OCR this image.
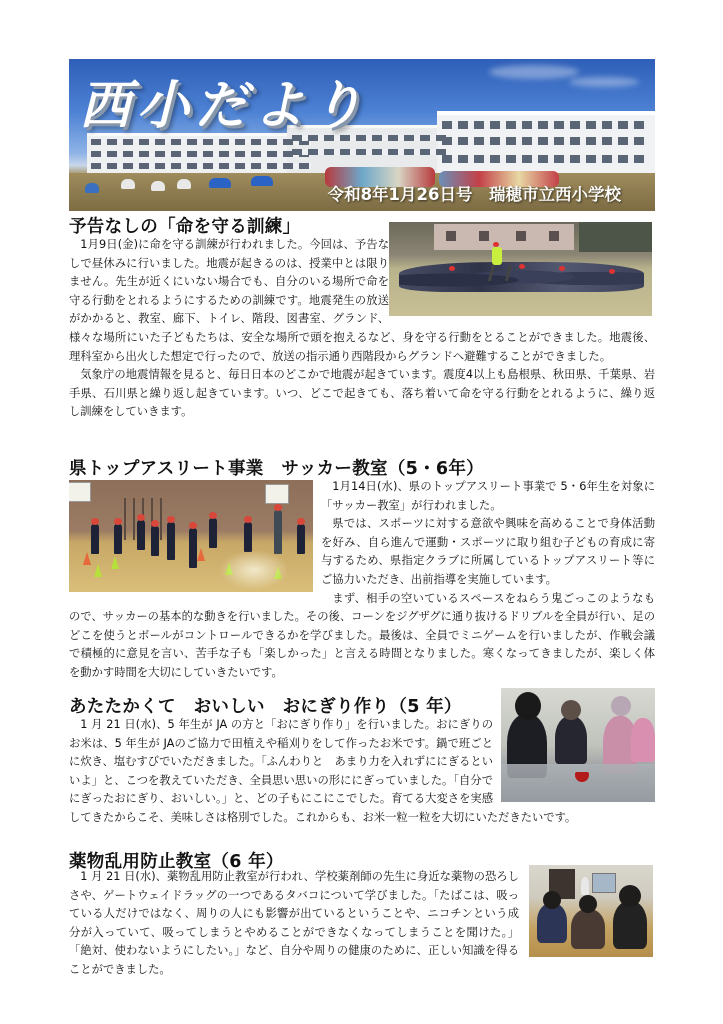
西小だより
令和8年1月26日号　瑞穂市立西小学校
予告なしの「命を守る訓練」
県トップアスリート事業　サッカー教室（5・6年）
あたたかくて　おいしい　おにぎり作り（5 年）
薬物乱用防止教室（6 年）

1月9日(金)に命を守る訓練が行われました。今回は、予告なしで昼休みに行いました。地震が起きるのは、授業中とは限りません。先生が近くにいない場合でも、自分のいる場所で命を守る行動をとれるようにするための訓練です。地震発生の放送がかかると、教室、廊下、トイレ、階段、図書室、グランド、様々な場所にいた子どもたちは、安全な場所で頭を抱えるなど、身を守る行動をとることができました。地震後、理科室から出火した想定で行ったので、放送の指示通り西階段からグランドへ避難することができました。

気象庁の地震情報を見ると、毎日日本のどこかで地震が起きています。震度4以上も島根県、秋田県、千葉県、岩手県、石川県と繰り返し起きています。いつ、どこで起きても、落ち着いて命を守る行動をとれるように、繰り返し訓練をしていきます。

1月14日(水)、県のトップアスリート事業で 5・6年生を対象に「サッカー教室」が行われました。

県では、スポーツに対する意欲や興味を高めることで身体活動を好み、自ら進んで運動・スポーツに取り組む子どもの育成に寄与するため、県指定クラブに所属しているトップアスリート等にご協力いただき、出前指導を実施しています。

まず、相手の空いているスペースをねらう鬼ごっこのようなもので、サッカーの基本的な動きを行いました。その後、コーンをジグザグに通り抜けるドリブルを全員が行い、足のどこを使うとボールがコントロールできるかを学びました。最後は、全員でミニゲームを行いましたが、作戦会議で積極的に意見を言い、苦手な子も「楽しかった」と言える時間となりました。寒くなってきましたが、楽しく体を動かす時間を大切にしていきたいです。

1 月 21 日(水)、5 年生が JA の方と「おにぎり作り」を行いました。おにぎりのお米は、5 年生が JAのご協力で田植えや稲刈りをして作ったお米です。鍋で班ごとに炊き、塩むすびでいただきました。「ふんわりと　あまり力を入れずににぎるといいよ」と、こつを教えていただき、全員思い思いの形ににぎっていました。「自分でにぎったおにぎり、おいしい。」と、どの子もにこにこでした。育てる大変さを実感してきたからこそ、美味しさは格別でした。これからも、お米一粒一粒を大切にいただきたいです。

1 月 21 日(水)、薬物乱用防止教室が行われ、学校薬剤師の先生に身近な薬物の恐ろしさや、ゲートウェイドラッグの一つであるタバコについて学びました。「たばこは、吸っている人だけではなく、周りの人にも影響が出ているということや、ニコチンという成分が入っていて、吸ってしまうとやめることができなくなってしまうことを聞けた。」「絶対、使わないようにしたい。」など、自分や周りの健康のために、正しい知識を得ることができました。
